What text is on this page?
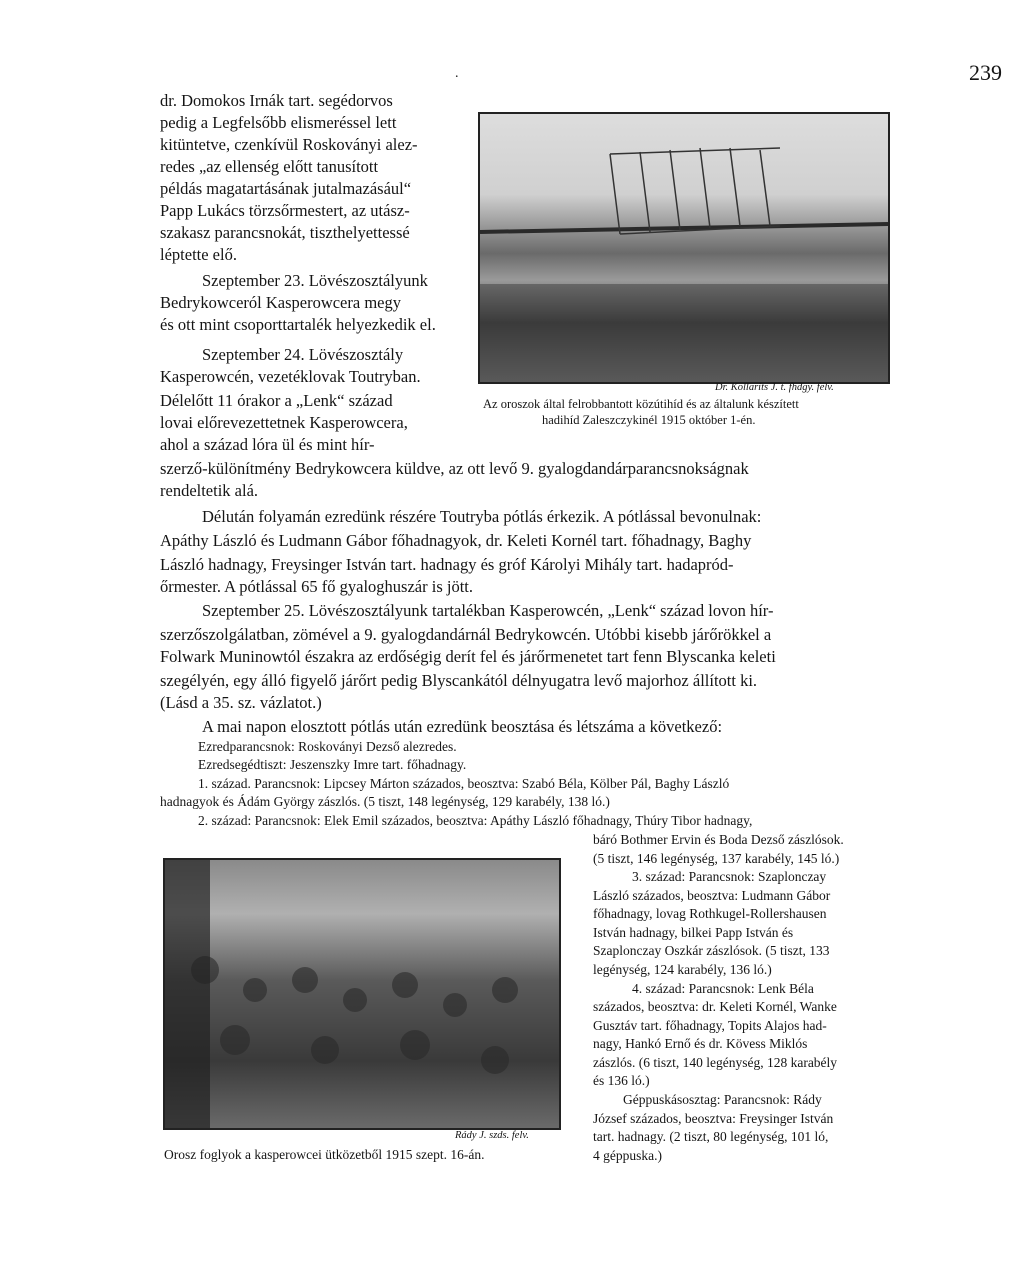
239
.
dr. Domokos Irnák tart. segédorvos
pedig a Legfelsőbb elismeréssel lett
kitüntetve, czenkívül Roskoványi alez-
redes „az ellenség előtt tanusított
példás magatartásának jutalmazásául“
Papp Lukács törzsőrmestert, az utász-
szakasz parancsnokát, tiszthelyettessé
léptette elő.
Szeptember 23. Lövészosztályunk
Bedrykowceról Kasperowcera megy
és ott mint csoporttartalék helyezkedik el.
Szeptember 24. Lövészosztály
Kasperowcén, vezetéklovak Toutryban.
Délelőtt 11 órakor a „Lenk“ század
lovai előrevezettetnek Kasperowcera,
ahol a század lóra ül és mint hír-
Dr. Kollarits J. t. fhdgy. felv.
Az oroszok által felrobbantott közútihíd és az általunk készített
hadihíd Zaleszczykinél 1915 október 1-én.
szerző-különítmény Bedrykowcera küldve, az ott levő 9. gyalogdandárparancsnokságnak
rendeltetik alá.
Délután folyamán ezredünk részére Toutryba pótlás érkezik. A pótlással bevonulnak:
Apáthy László és Ludmann Gábor főhadnagyok, dr. Keleti Kornél tart. főhadnagy, Baghy
László hadnagy, Freysinger István tart. hadnagy és gróf Károlyi Mihály tart. hadapród-
őrmester. A pótlással 65 fő gyaloghuszár is jött.
Szeptember 25. Lövészosztályunk tartalékban Kasperowcén, „Lenk“ század lovon hír-
szerzőszolgálatban, zömével a 9. gyalogdandárnál Bedrykowcén. Utóbbi kisebb járőrökkel a
Folwark Muninowtól északra az erdőségig derít fel és járőrmenetet tart fenn Blyscanka keleti
szegélyén, egy álló figyelő járőrt pedig Blyscankától délnyugatra levő majorhoz állított ki.
(Lásd a 35. sz. vázlatot.)
A mai napon elosztott pótlás után ezredünk beosztása és létszáma a következő:
Ezredparancsnok: Roskoványi Dezső alezredes.
Ezredsegédtiszt: Jeszenszky Imre tart. főhadnagy.
1. század. Parancsnok: Lipcsey Márton százados, beosztva: Szabó Béla, Kölber Pál, Baghy László
hadnagyok és Ádám György zászlós. (5 tiszt, 148 legénység, 129 karabély, 138 ló.)
2. század: Parancsnok: Elek Emil százados, beosztva: Apáthy László főhadnagy, Thúry Tibor hadnagy,
Rády J. szds. felv.
Orosz foglyok a kasperowcei ütközetből 1915 szept. 16-án.
báró Bothmer Ervin és Boda Dezső zászlósok.
(5 tiszt, 146 legénység, 137 karabély, 145 ló.)
3. század: Parancsnok: Szaplonczay
László százados, beosztva: Ludmann Gábor
főhadnagy, lovag Rothkugel-Rollershausen
István hadnagy, bilkei Papp István és
Szaplonczay Oszkár zászlósok. (5 tiszt, 133
legénység, 124 karabély, 136 ló.)
4. század: Parancsnok: Lenk Béla
százados, beosztva: dr. Keleti Kornél, Wanke
Gusztáv tart. főhadnagy, Topits Alajos had-
nagy, Hankó Ernő és dr. Kövess Miklós
zászlós. (6 tiszt, 140 legénység, 128 karabély
és 136 ló.)
Géppuskásosztag: Parancsnok: Rády
József százados, beosztva: Freysinger István
tart. hadnagy. (2 tiszt, 80 legénység, 101 ló,
4 géppuska.)
